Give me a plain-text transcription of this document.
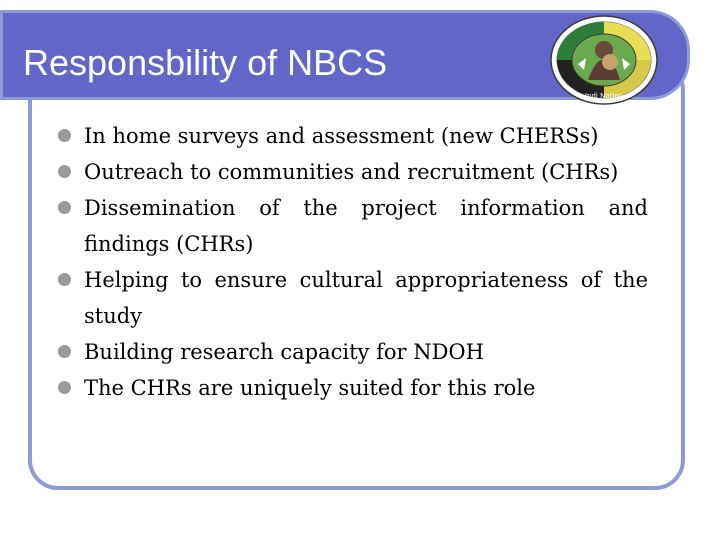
Responsbility of NBCS
Indi Nation
In home surveys and assessment (new CHERSs)
Outreach to communities and recruitment (CHRs)
Dissemination of the project information and findings (CHRs)
Helping to ensure cultural appropriateness of the study
Building research capacity for NDOH
The CHRs are uniquely suited for this role
